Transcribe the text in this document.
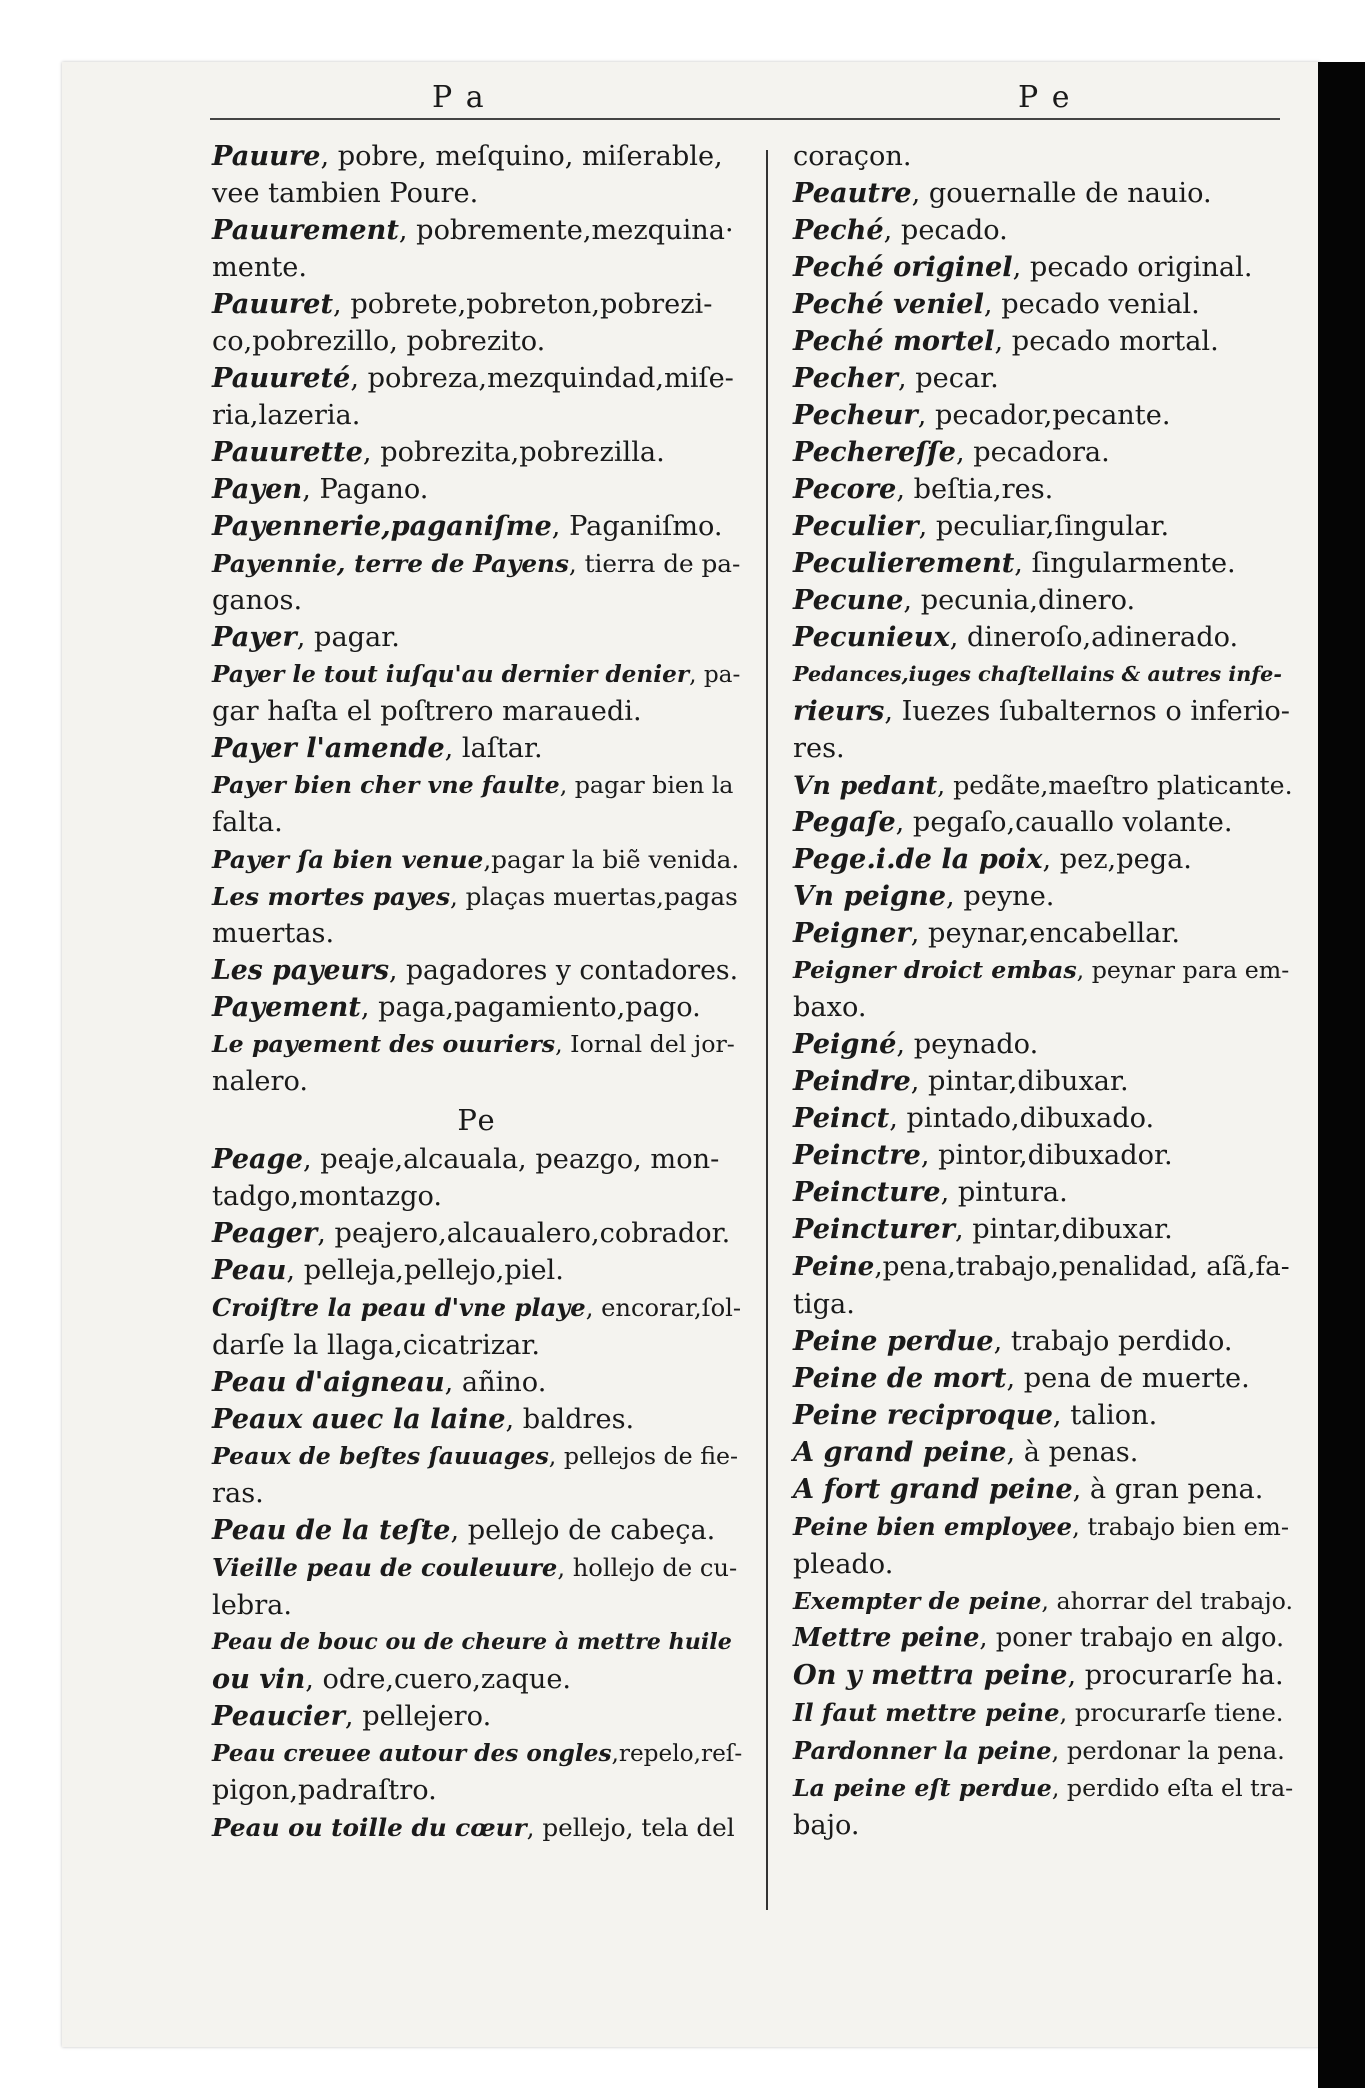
P a	P e
Pauure, pobre, meſquino, miſerable,
vee tambien Poure.
Pauurement, pobremente,mezquina·
mente.
Pauuret, pobrete,pobreton,pobrezi-
co,pobrezillo, pobrezito.
Pauureté, pobreza,mezquindad,miſe-
ria,lazeria.
Pauurette, pobrezita,pobrezilla.
Payen, Pagano.
Payennerie,paganiſme, Paganiſmo.
Payennie, terre de Payens, tierra de pa-
ganos.
Payer, pagar.
Payer le tout iuſqu'au dernier denier, pa-
gar haſta el poſtrero marauedi.
Payer l'amende, laſtar.
Payer bien cher vne faulte, pagar bien la
falta.
Payer ſa bien venue,pagar la biẽ venida.
Les mortes payes, plaças muertas,pagas
muertas.
Les payeurs, pagadores y contadores.
Payement, paga,pagamiento,pago.
Le payement des ouuriers, Iornal del jor-
nalero.
Pe
Peage, peaje,alcauala, peazgo, mon-
tadgo,montazgo.
Peager, peajero,alcaualero,cobrador.
Peau, pelleja,pellejo,piel.
Croiſtre la peau d'vne playe, encorar,ſol-
darſe la llaga,cicatrizar.
Peau d'aigneau, añino.
Peaux auec la laine, baldres.
Peaux de beſtes ſauuages, pellejos de fie-
ras.
Peau de la teſte, pellejo de cabeça.
Vieille peau de couleuure, hollejo de cu-
lebra.
Peau de bouc ou de cheure à mettre huile
ou vin, odre,cuero,zaque.
Peaucier, pellejero.
Peau creuee autour des ongles,repelo,reſ-
pigon,padraſtro.
Peau ou toille du cœur, pellejo, tela del
coraçon.
Peautre, gouernalle de nauio.
Peché, pecado.
Peché originel, pecado original.
Peché veniel, pecado venial.
Peché mortel, pecado mortal.
Pecher, pecar.
Pecheur, pecador,pecante.
Pechereſſe, pecadora.
Pecore, beſtia,res.
Peculier, peculiar,ſingular.
Peculierement, ſingularmente.
Pecune, pecunia,dinero.
Pecunieux, dineroſo,adinerado.
Pedances,iuges chaſtellains & autres infe-
rieurs, Iuezes ſubalternos o inferio-
res.
Vn pedant, pedãte,maeſtro platicante.
Pegaſe, pegaſo,cauallo volante.
Pege.i.de la poix, pez,pega.
Vn peigne, peyne.
Peigner, peynar,encabellar.
Peigner droict embas, peynar para em-
baxo.
Peigné, peynado.
Peindre, pintar,dibuxar.
Peinct, pintado,dibuxado.
Peinctre, pintor,dibuxador.
Peincture, pintura.
Peincturer, pintar,dibuxar.
Peine,pena,trabajo,penalidad, aſã,fa-
tiga.
Peine perdue, trabajo perdido.
Peine de mort, pena de muerte.
Peine reciproque, talion.
A grand peine, à penas.
A fort grand peine, à gran pena.
Peine bien employee, trabajo bien em-
pleado.
Exempter de peine, ahorrar del trabajo.
Mettre peine, poner trabajo en algo.
On y mettra peine, procurarſe ha.
Il faut mettre peine, procurarſe tiene.
Pardonner la peine, perdonar la pena.
La peine eſt perdue, perdido eſta el tra-
bajo.
